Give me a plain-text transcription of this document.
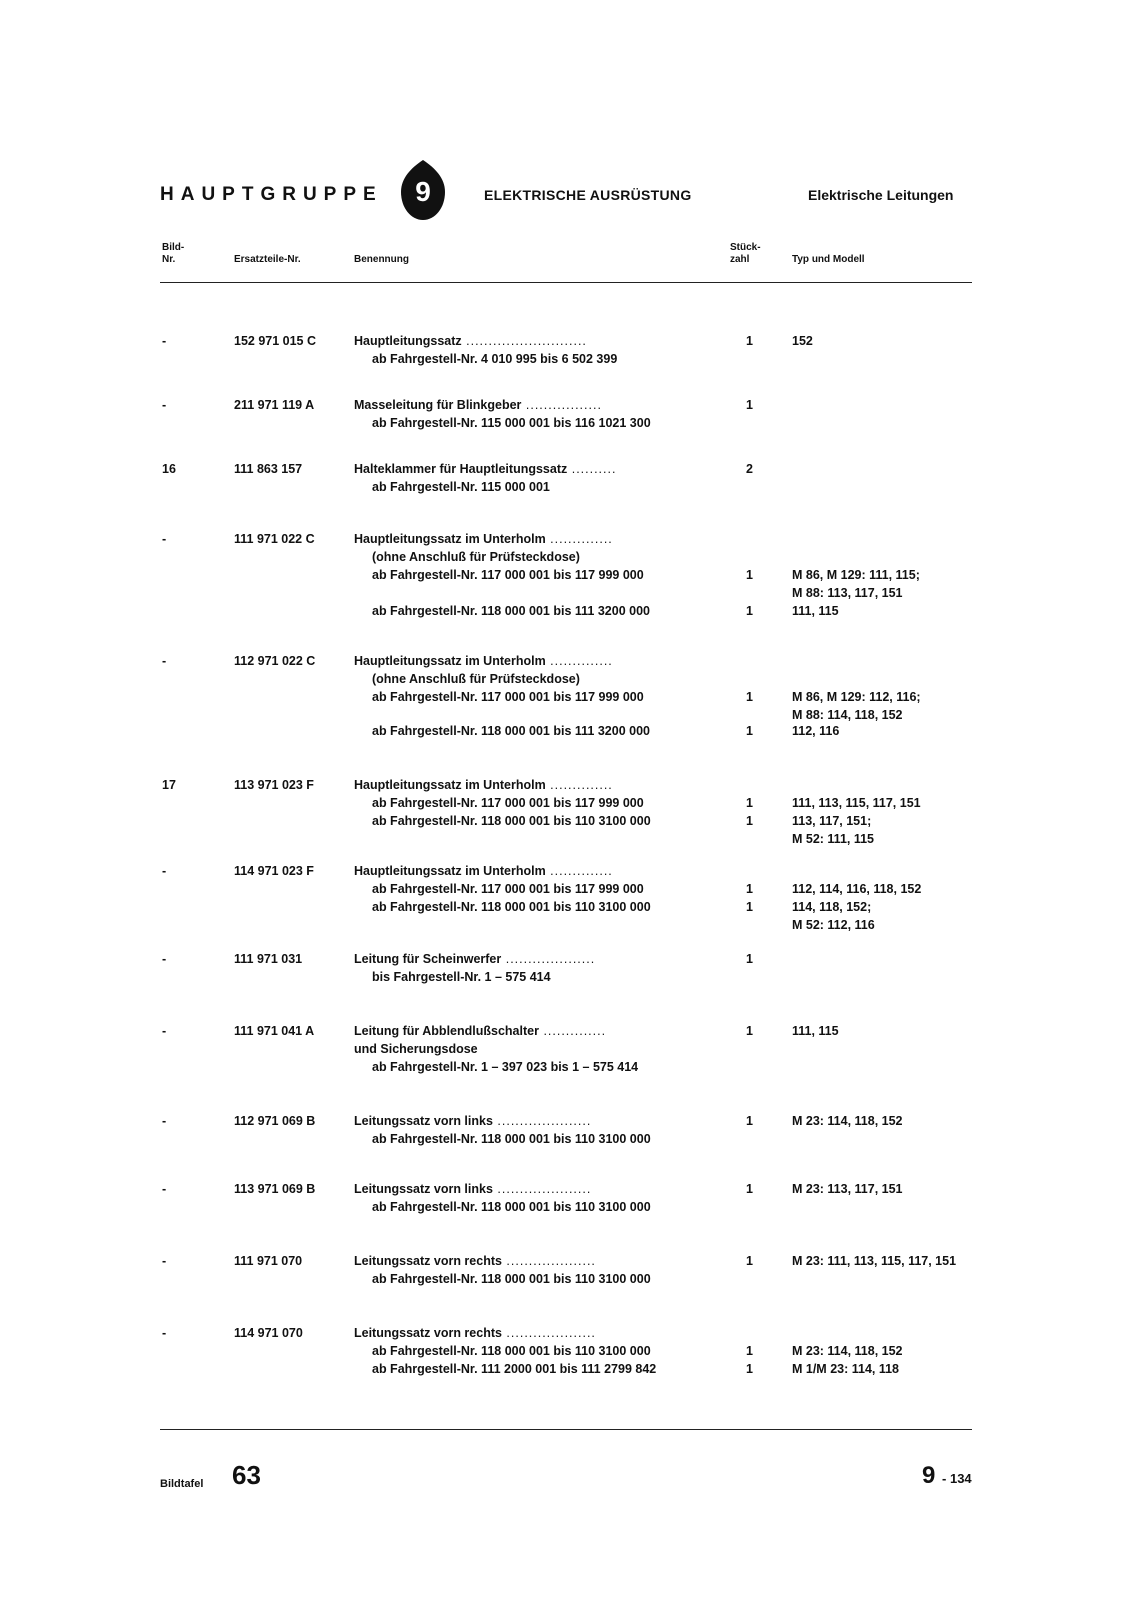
HAUPTGRUPPE 9	ELEKTRISCHE AUSRÜSTUNG	Elektrische Leitungen
Bild-
Nr.	Ersatzteile-Nr.	Benennung
Stück-
zahl	Typ und Modell
-	152 971 015 C	Hauptleitungssatz ...........................	1	152
ab Fahrgestell-Nr. 4 010 995 bis 6 502 399
-	211 971 119 A	Masseleitung für Blinkgeber .................	1
ab Fahrgestell-Nr. 115 000 001 bis 116 1021 300
16	111 863 157	Halteklammer für Hauptleitungssatz ..........	2
ab Fahrgestell-Nr. 115 000 001
-	111 971 022 C	Hauptleitungssatz im Unterholm ..............
(ohne Anschluß für Prüfsteckdose)
ab Fahrgestell-Nr. 117 000 001 bis 117 999 000	1	M 86, M 129: 111, 115;
M 88: 113, 117, 151
ab Fahrgestell-Nr. 118 000 001 bis 111 3200 000	1	111, 115
-	112 971 022 C	Hauptleitungssatz im Unterholm ..............
(ohne Anschluß für Prüfsteckdose)
ab Fahrgestell-Nr. 117 000 001 bis 117 999 000	1	M 86, M 129: 112, 116;
M 88: 114, 118, 152
ab Fahrgestell-Nr. 118 000 001 bis 111 3200 000	1	112, 116
17	113 971 023 F	Hauptleitungssatz im Unterholm ..............
ab Fahrgestell-Nr. 117 000 001 bis 117 999 000	1	111, 113, 115, 117, 151
ab Fahrgestell-Nr. 118 000 001 bis 110 3100 000	1	113, 117, 151;
M 52: 111, 115
-	114 971 023 F	Hauptleitungssatz im Unterholm ..............
ab Fahrgestell-Nr. 117 000 001 bis 117 999 000	1	112, 114, 116, 118, 152
ab Fahrgestell-Nr. 118 000 001 bis 110 3100 000	1	114, 118, 152;
M 52: 112, 116
-	111 971 031	Leitung für Scheinwerfer ....................	1
bis Fahrgestell-Nr. 1 – 575 414
-	111 971 041 A	Leitung für Abblendlußschalter ..............	1	111, 115
und Sicherungsdose
ab Fahrgestell-Nr. 1 – 397 023 bis 1 – 575 414
-	112 971 069 B	Leitungssatz vorn links .....................	1	M 23: 114, 118, 152
ab Fahrgestell-Nr. 118 000 001 bis 110 3100 000
-	113 971 069 B	Leitungssatz vorn links .....................	1	M 23: 113, 117, 151
ab Fahrgestell-Nr. 118 000 001 bis 110 3100 000
-	111 971 070	Leitungssatz vorn rechts ....................	1	M 23: 111, 113, 115, 117, 151
ab Fahrgestell-Nr. 118 000 001 bis 110 3100 000
-	114 971 070	Leitungssatz vorn rechts ....................
ab Fahrgestell-Nr. 118 000 001 bis 110 3100 000	1	M 23: 114, 118, 152
ab Fahrgestell-Nr. 111 2000 001 bis 111 2799 842	1	M 1/M 23: 114, 118
Bildtafel 63	9 - 134
